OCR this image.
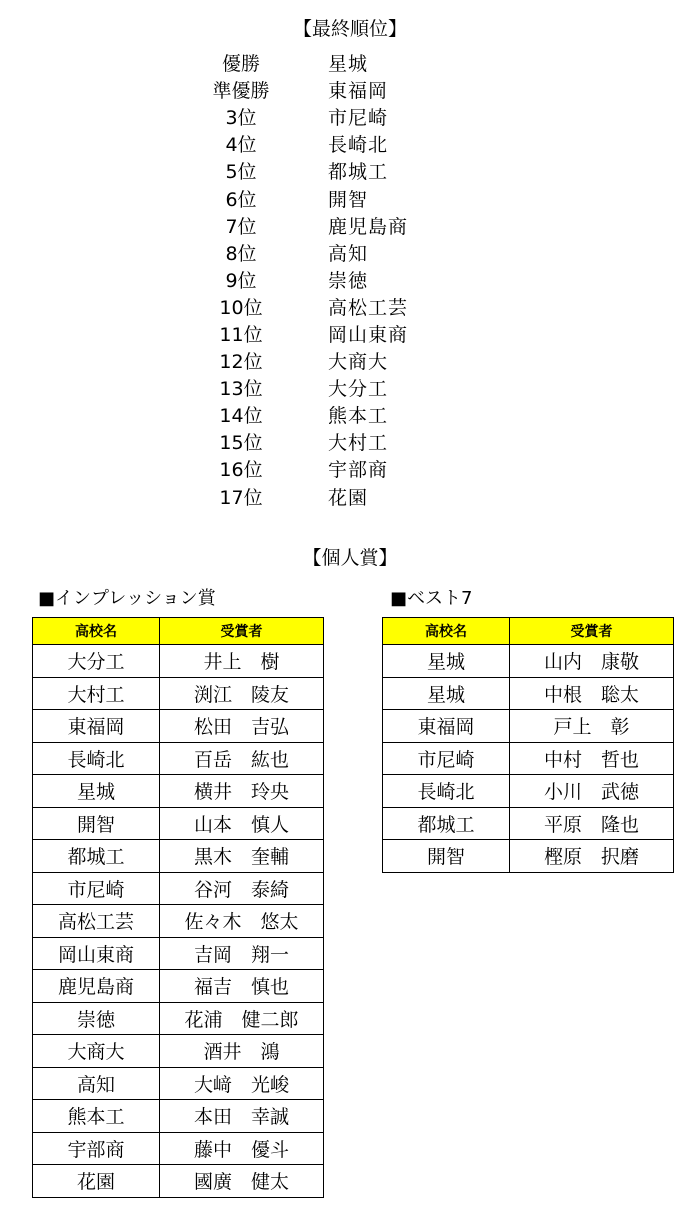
【最終順位】
優勝	星城
準優勝	東福岡
3位	市尼崎
4位	長崎北
5位	都城工
6位	開智
7位	鹿児島商
8位	高知
9位	崇徳
10位	高松工芸
11位	岡山東商
12位	大商大
13位	大分工
14位	熊本工
15位	大村工
16位	宇部商
17位	花園
【個人賞】
■インプレッション賞	■ベスト7
高校名	受賞者
大分工	井上　樹
大村工	渕江　陵友
東福岡	松田　吉弘
長崎北	百岳　紘也
星城	横井　玲央
開智	山本　慎人
都城工	黒木　奎輔
市尼崎	谷河　泰綺
高松工芸	佐々木　悠太
岡山東商	吉岡　翔一
鹿児島商	福吉　慎也
崇徳	花浦　健二郎
大商大	酒井　鴻
高知	大﨑　光峻
熊本工	本田　幸誠
宇部商	藤中　優斗
花園	國廣　健太
高校名	受賞者
星城	山内　康敬
星城	中根　聡太
東福岡	戸上　彰
市尼崎	中村　哲也
長崎北	小川　武徳
都城工	平原　隆也
開智	樫原　択磨
